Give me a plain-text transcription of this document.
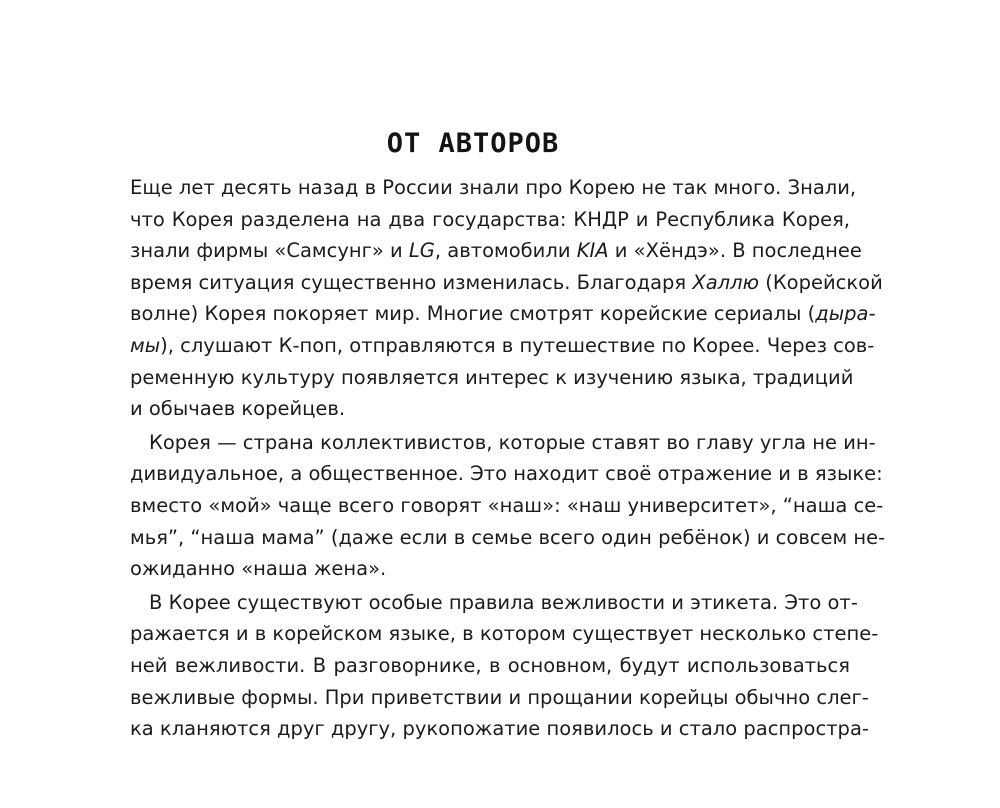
ОТ АВТОРОВ
Еще лет десять назад в России знали про Корею не так много. Знали,
что Корея разделена на два государства: КНДР и Республика Корея,
знали фирмы «Самсунг» и LG, автомобили KIA и «Хёндэ». В последнее
время ситуация существенно изменилась. Благодаря Халлю (Корейской
волне) Корея покоряет мир. Многие смотрят корейские сериалы (дыра-
мы), слушают К-поп, отправляются в путешествие по Корее. Через сов-
ременную культуру появляется интерес к изучению языка, традиций
и обычаев корейцев.
Корея — страна коллективистов, которые ставят во главу угла не ин-
дивидуальное, а общественное. Это находит своё отражение и в языке:
вместо «мой» чаще всего говорят «наш»: «наш университет», “наша се-
мья”, “наша мама” (даже если в семье всего один ребёнок) и совсем не-
ожиданно «наша жена».
В Корее существуют особые правила вежливости и этикета. Это от-
ражается и в корейском языке, в котором существует несколько степе-
ней вежливости. В разговорнике, в основном, будут использоваться
вежливые формы. При приветствии и прощании корейцы обычно слег-
ка кланяются друг другу, рукопожатие появилось и стало распростра-
